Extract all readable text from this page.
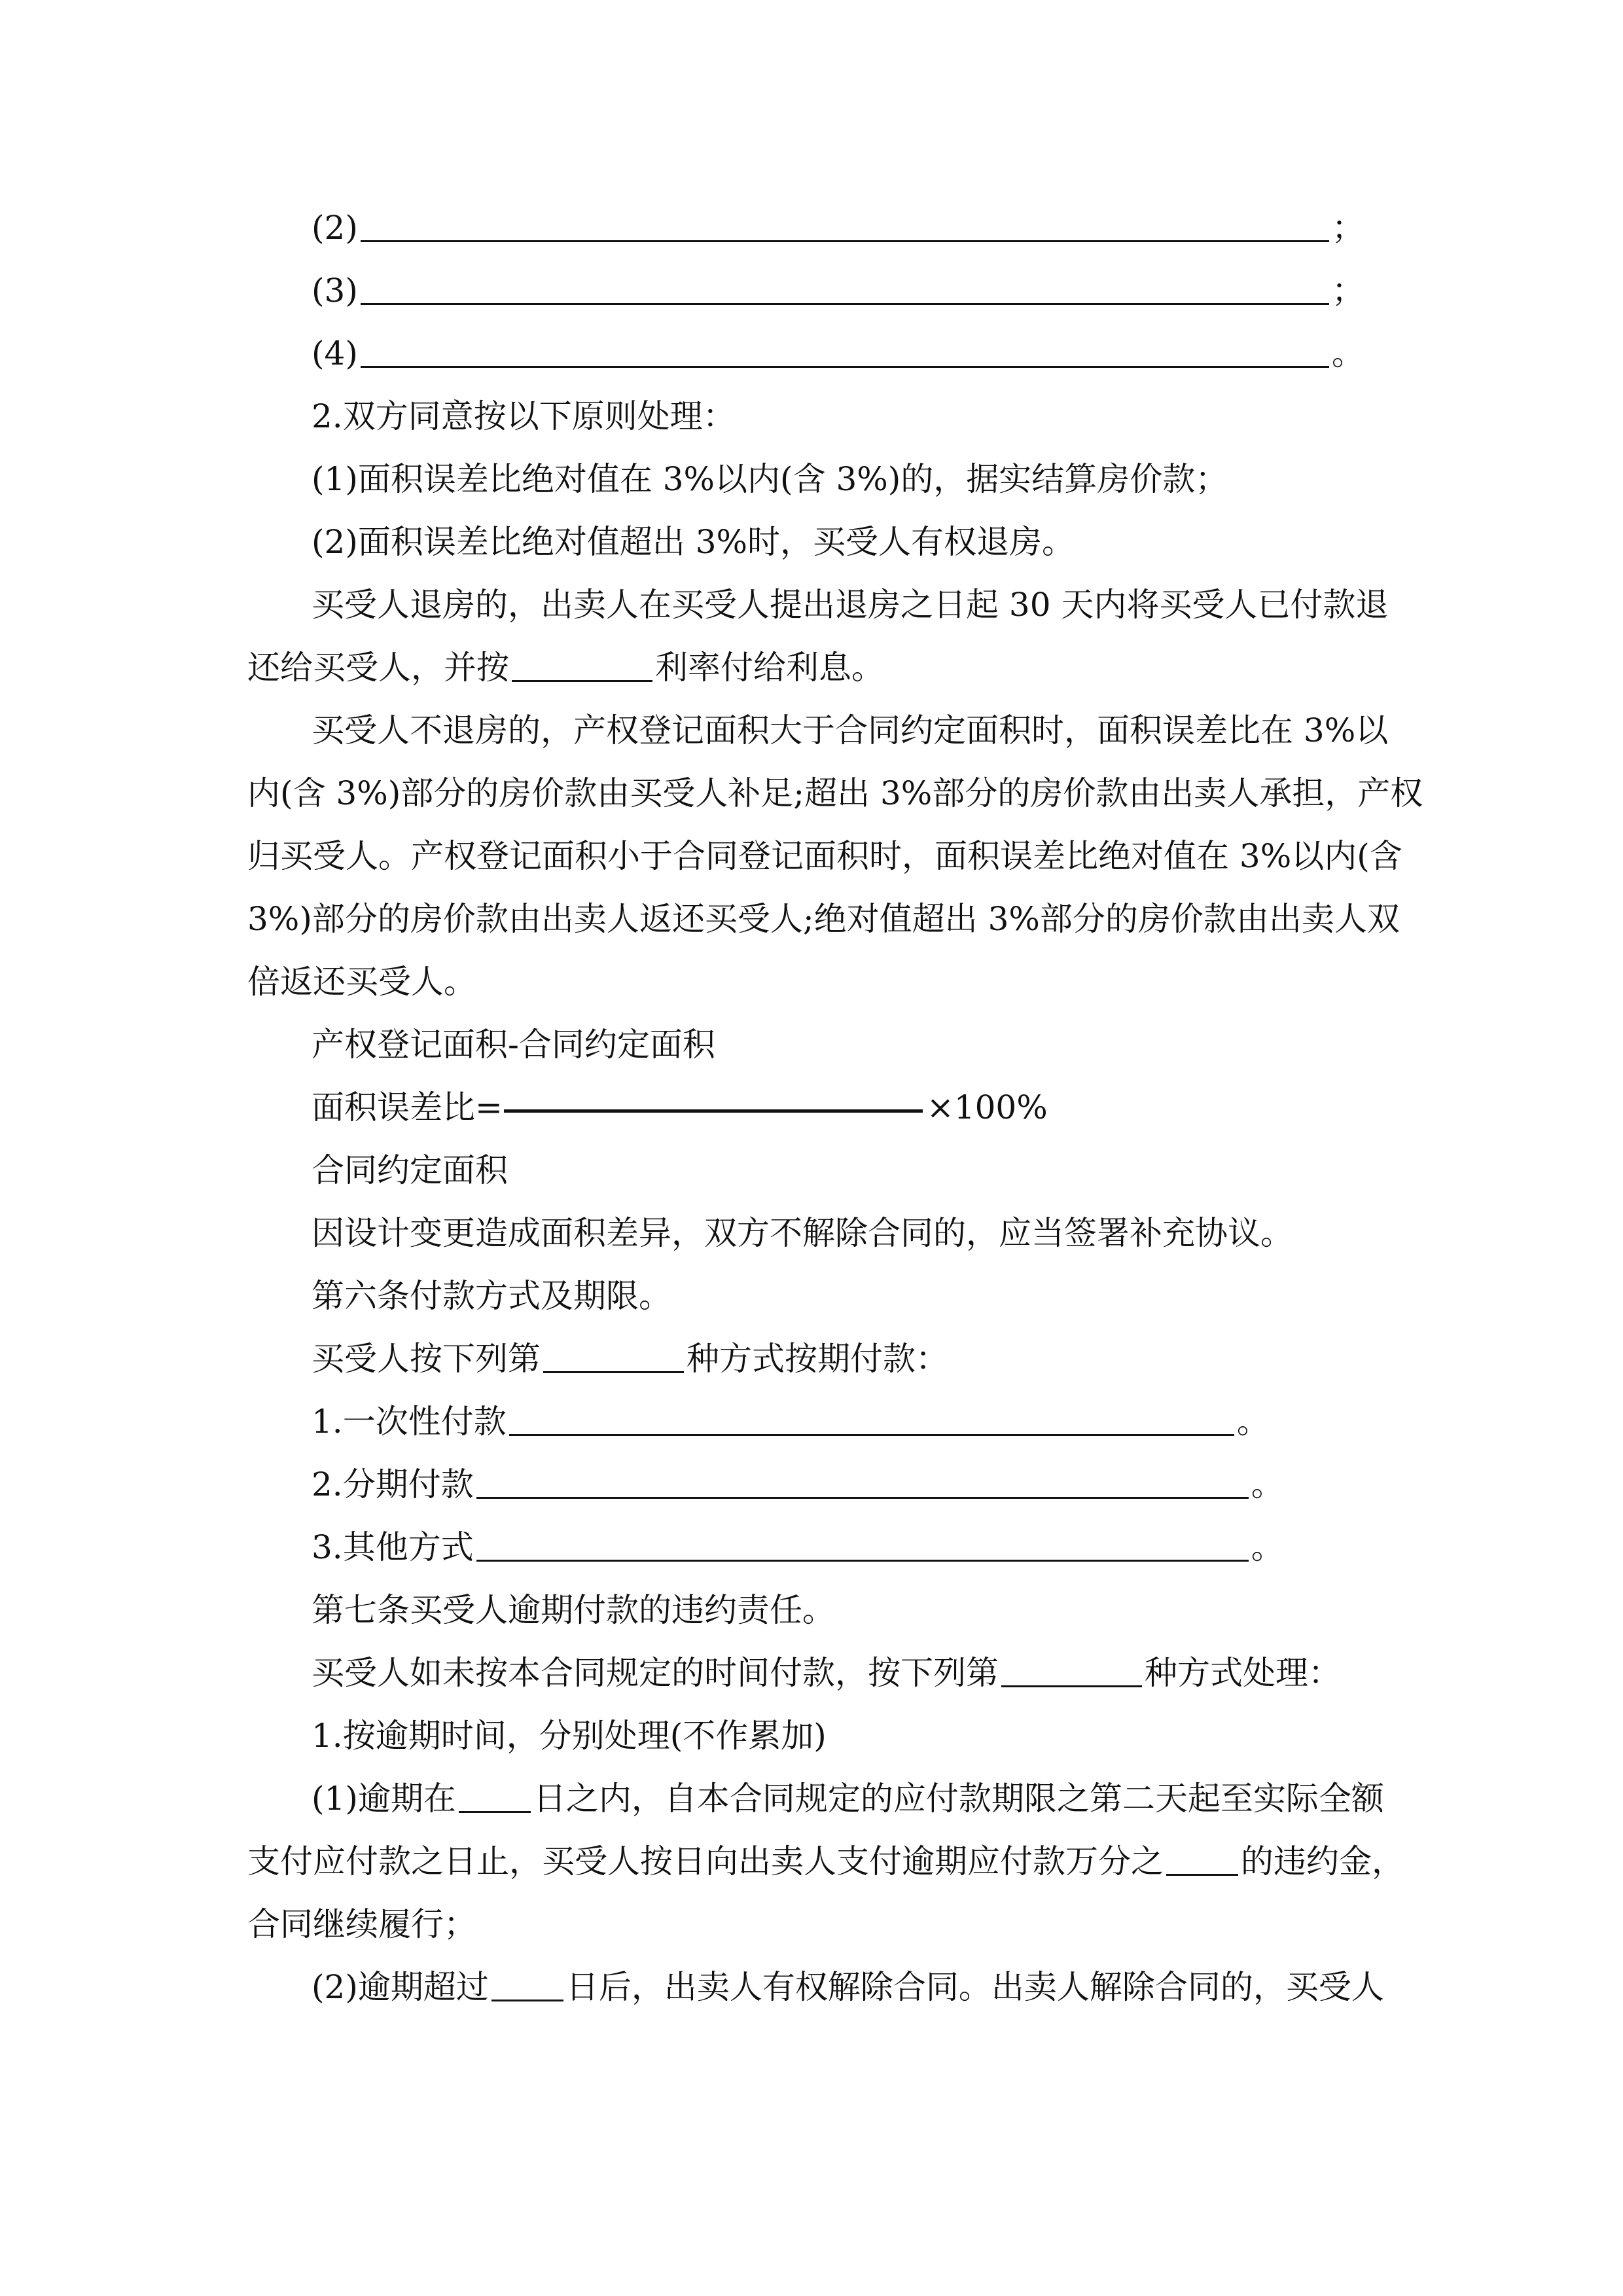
(2)	；
(3)	；
(4)	。
2.双方同意按以下原则处理：
(1)面积误差比绝对值在 3%以内(含 3%)的，据实结算房价款；
(2)面积误差比绝对值超出 3%时，买受人有权退房。
买受人退房的，出卖人在买受人提出退房之日起 30 天内将买受人已付款退
还给买受人，并按	利率付给利息。
买受人不退房的，产权登记面积大于合同约定面积时，面积误差比在 3%以
内(含 3%)部分的房价款由买受人补足;超出 3%部分的房价款由出卖人承担，产权
归买受人。产权登记面积小于合同登记面积时，面积误差比绝对值在 3%以内(含
3%)部分的房价款由出卖人返还买受人;绝对值超出 3%部分的房价款由出卖人双
倍返还买受人。
产权登记面积-合同约定面积
面积误差比=	×100%
合同约定面积
因设计变更造成面积差异，双方不解除合同的，应当签署补充协议。
第六条付款方式及期限。
买受人按下列第	种方式按期付款：
1.一次性付款	。
2.分期付款	。
3.其他方式	。
第七条买受人逾期付款的违约责任。
买受人如未按本合同规定的时间付款，按下列第	种方式处理：
1.按逾期时间，分别处理(不作累加)
(1)逾期在 日之内，自本合同规定的应付款期限之第二天起至实际全额
支付应付款之日止，买受人按日向出卖人支付逾期应付款万分之 的违约金，
合同继续履行；
(2)逾期超过 日后，出卖人有权解除合同。出卖人解除合同的，买受人
